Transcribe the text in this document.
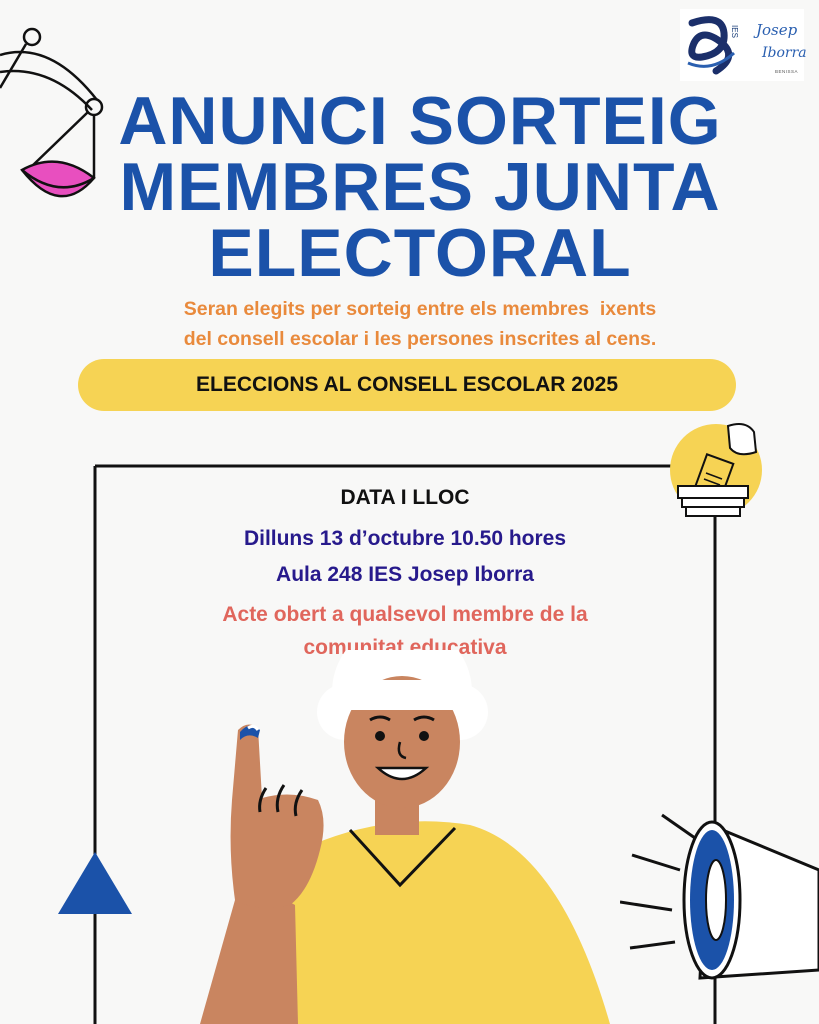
IES Josep
Iborra
BENISSA
ANUNCI SORTEIG
MEMBRES JUNTA
ELECTORAL

Seran elegits per sorteig entre els membres  ixents
del consell escolar i les persones inscrites al cens.

ELECCIONS AL CONSELL ESCOLAR 2025
DATA I LLOC
Dilluns 13 d’octubre 10.50 hores
Aula 248 IES Josep Iborra
Acte obert a qualsevol membre de la
comunitat educativa
